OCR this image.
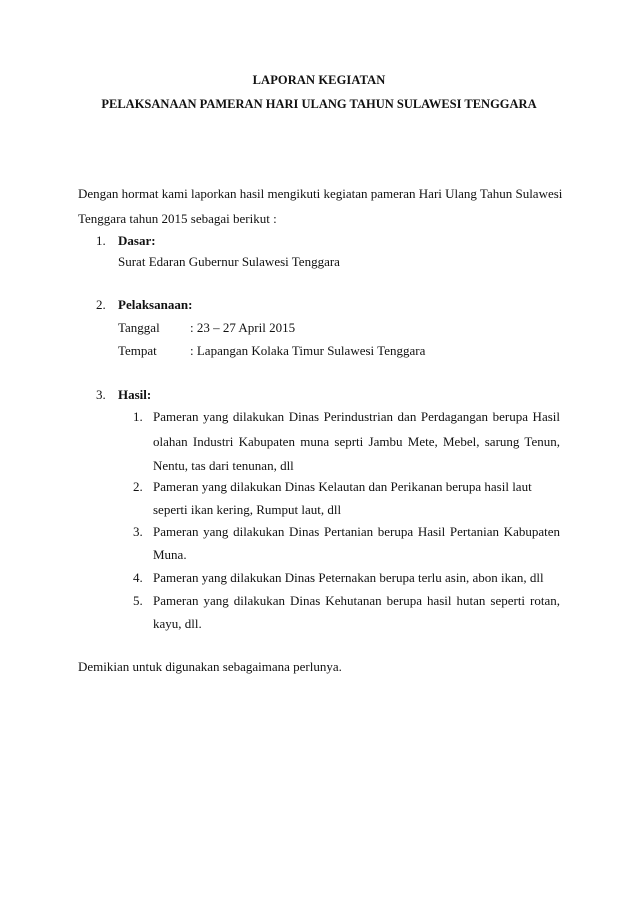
LAPORAN KEGIATAN
PELAKSANAAN PAMERAN HARI ULANG TAHUN SULAWESI TENGGARA
Dengan hormat kami laporkan hasil mengikuti kegiatan pameran Hari Ulang Tahun Sulawesi
Tenggara tahun 2015 sebagai berikut :
1. Dasar:
Surat Edaran Gubernur Sulawesi Tenggara
2. Pelaksanaan:
Tanggal : 23 – 27 April 2015
Tempat	: Lapangan Kolaka Timur Sulawesi Tenggara
3. Hasil:
1. Pameran yang dilakukan Dinas Perindustrian dan Perdagangan berupa Hasil
olahan Industri Kabupaten muna seprti Jambu Mete, Mebel, sarung Tenun,
Nentu, tas dari tenunan, dll
2. Pameran yang dilakukan Dinas Kelautan dan Perikanan berupa hasil laut
seperti ikan kering, Rumput laut, dll
3. Pameran yang dilakukan Dinas Pertanian berupa Hasil Pertanian Kabupaten
Muna.
4. Pameran yang dilakukan Dinas Peternakan berupa terlu asin, abon ikan, dll
5. Pameran yang dilakukan Dinas Kehutanan berupa hasil hutan seperti rotan,
kayu, dll.
Demikian untuk digunakan sebagaimana perlunya.
